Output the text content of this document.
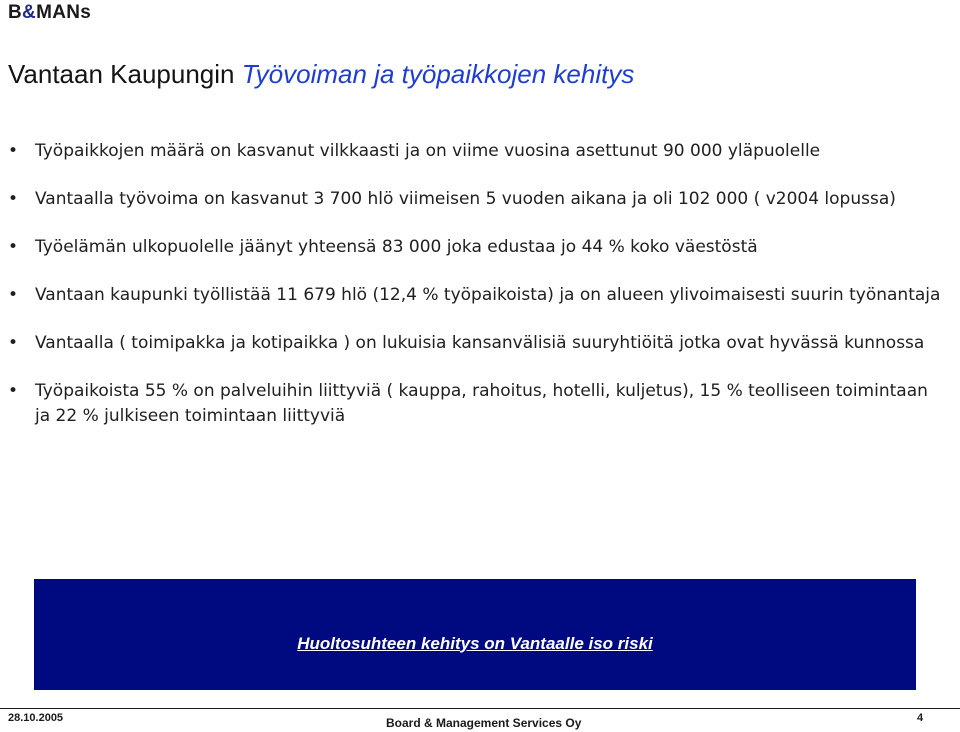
B&MANs
Vantaan Kaupungin Työvoiman ja työpaikkojen kehitys
• Työpaikkojen määrä on kasvanut vilkkaasti ja on viime vuosina asettunut 90 000 yläpuolelle
• Vantaalla työvoima on kasvanut 3 700 hlö viimeisen 5 vuoden aikana ja oli 102 000 ( v2004 lopussa)
• Työelämän ulkopuolelle jäänyt yhteensä 83 000 joka edustaa jo 44 % koko väestöstä
• Vantaan kaupunki työllistää 11 679 hlö (12,4 % työpaikoista) ja on alueen ylivoimaisesti suurin työnantaja
• Vantaalla ( toimipakka ja kotipaikka ) on lukuisia kansanvälisiä suuryhtiöitä jotka ovat hyvässä kunnossa
• Työpaikoista 55 % on palveluihin liittyviä ( kauppa, rahoitus, hotelli, kuljetus), 15 % teolliseen toimintaan ja 22 % julkiseen toimintaan liittyviä
Huoltosuhteen kehitys on Vantaalle iso riski
28.10.2005	Board & Management Services Oy	4
